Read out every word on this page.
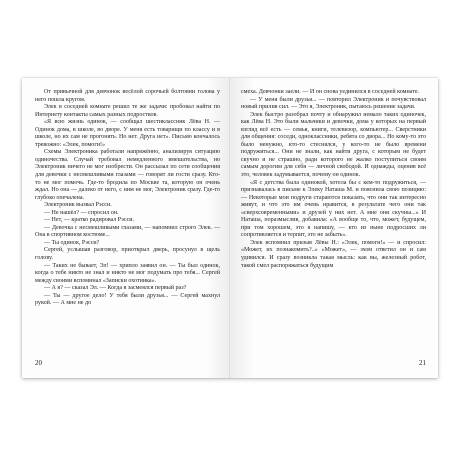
От привычной для девчонок весёлой сорочьей болтовни голова у него пошла кругом.

Элек в соседней комнате решил те же задачи: пробовал найти по Интернету контакты самых разных подростков.

«Я всю жизнь одинок, — сообщал шестиклассник Лёва Н. — Одинок дома, в школе, во дворе. У меня есть товарищи по классу и в школе, но их сам не прогонять. Но нет. Друга нет». Письмо кончалось тревожно: «Элек, помоги!»

Схемы Электроника работали напряжённо, анализируя ситуацию одиночества. Случай требовал немедленного вмешательства, но Электроник ничего не мог изобрести. Он рассылал по сети сообщения для девочки с несмешливыми глазами — говорят ли гости сразу. Кто-то не мог помочь. Где-то бродила по Москве та, которую он очень ждал. Но она — далеко от него, с ним не мог, Электроник сразу. Где-то глубоко опечалена.

Электроник вызвал Рэсси.

— Не нашёл? — спросил он.

— Нет, — кратко радировал Рэсси.

— Девочка с несмешливыми глазами, — напомнил строго Элек. — Она в спортивном костюме...

— Ты одинок, Рэсси?

Сергей, услышав разговор, приоткрыл дверь, просунул в щель голову.

— Таких не бывает, Эл! — хрипло заявил он. — Ты был одинок, когда о тебе никто не знал и никто не мог подумать про тебя... Сергей между своими вспоминал «Записки охотника».

— А я? — сказал Эл. — Когда я засмеялся первый раз?

— Ты — другое дело! У тебя были друзья... — Сергей махнул рукой. — А мне не до

20

смеха. Девчонки заели. — И он снова уединился в соседней комнате.

— У меня были друзья... — повторил Электроник и почувствовал новый прилив сил. — Это я, Электроник, пытаюсь решение задачи.

Элек быстро разобрал почту и обнаружил немало таких одиночек, как Лёва Н. Это были мальчики и девочки, дома у которых на первый взгляд всё есть — семья, книги, телевизор, компьютер... Сверстники для общения: соседи, одноклассники, ребята со двора... Но кому-то это было ненужно, кто-то стеснялся, у кого-то не было времени подружиться... Они не знали, как найти друга, с которым не будет скучно и не страшно, ради которого не жалко поступиться своим самым дорогим для себя — личной свободой. И однажды, оценив всё это, человек задумывается, почему он одинок.

«Я с детства была одинокой, хотела бы с кем-то подружиться, — признавалась в письме к Элеку Наташа М. и пояснила свою позицию: — Некоторые мои подруги стараются показать, что они так интересно живут, и что это им очень нравится, в результате чего они так «сверхсовременными» и друзей у них нет. А мне они скучны...» И Наташа, поразмыслив, добавила: «А вообще то, что, может, будущем, при том хорошем, это я напишу, — кто из ныне подросших ли сопротивляется и терпит, это не забыть».

Элек вспомнил призыв Лёвы Н.: «Элек, помоги!» — и спросил: «Может, их познакомить?..» «Может», — эхом ответил он и сам удивился. И сразу возникла такая мысль: как вы, железный робот, такой смел распоряжаться будущим

21
